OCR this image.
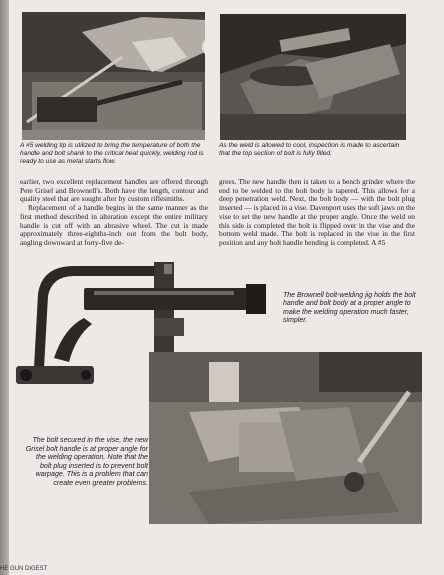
A #5 welding tip is utilized to bring the temperature of both the handle and bolt shank to the critical heat quickly, welding rod is ready to use as metal starts flow.
As the weld is allowed to cool, inspection is made to ascertain that the top section of bolt is fully filled.

earlier, two excellent replacement handles are offered through Pete Grisel and Brownell's. Both have the length, contour and quality steel that are sought after by custom riflesmiths.

Replacement of a handle begins in the same manner as the first method described in alteration except the entire military handle is cut off with an abrasive wheel. The cut is made approximately three-eighths-inch out from the bolt body, angling downward at forty-five de-

grees. The new handle then is taken to a bench grinder where the end to be welded to the bolt body is tapered. This allows for a deep penetration weld. Next, the bolt body — with the bolt plug inserted — is placed in a vise. Davenport uses the soft jaws on the vise to set the new handle at the proper angle. Once the weld on this side is completed the bolt is flipped over in the vise and the bottom weld made. The bolt is replaced in the vise in the first position and any bolt handle bending is completed. A #5

The Brownell bolt-welding jig holds the bolt handle and bolt body at a proper angle to make the welding operation much faster, simpler.
The bolt secured in the vise, the new Grisel bolt handle is at proper angle for the welding operation. Note that the bolt plug inserted is to prevent bolt warpage. This is a problem that can create even greater problems.
HE GUN DIGEST
